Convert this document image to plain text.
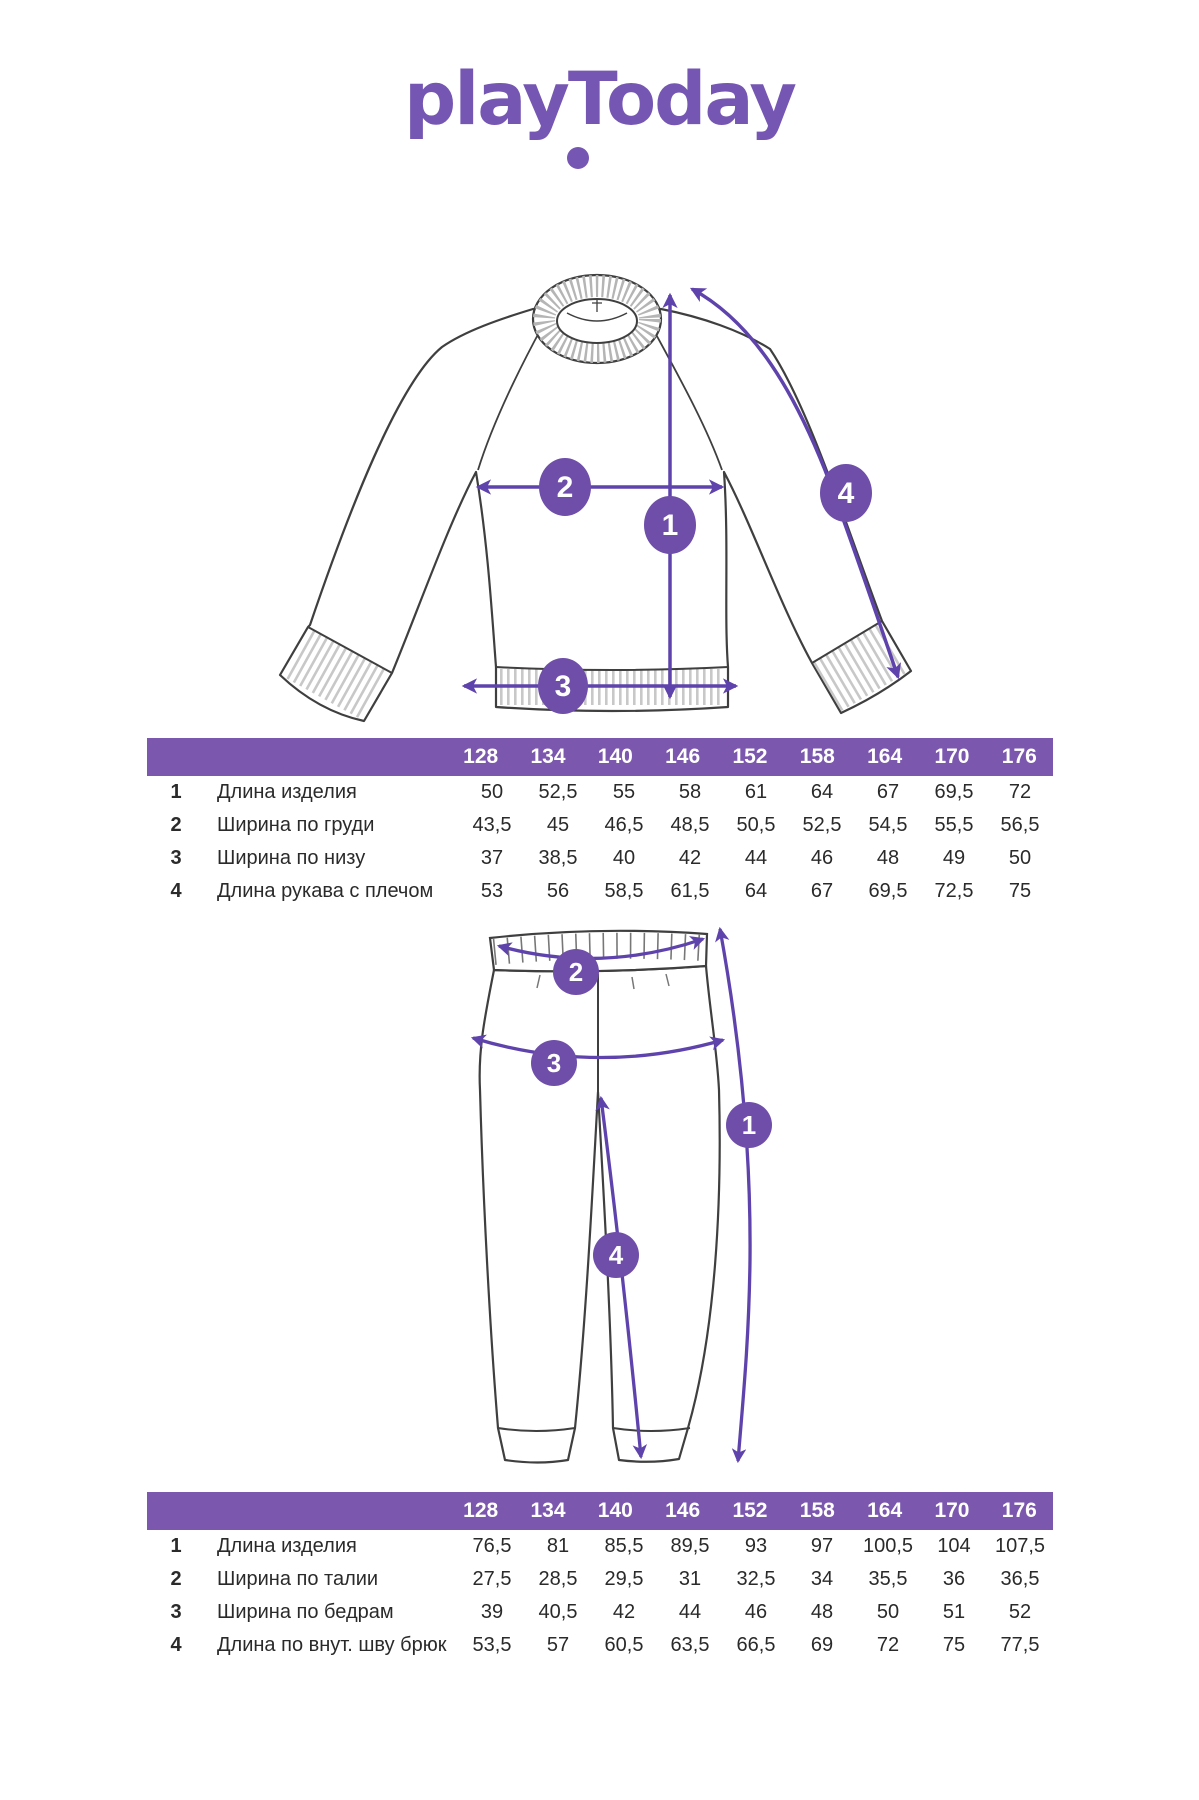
playToday
1
2
3
4
2
3
1
4
128	134	140	146	152	158	164	170	176
1	Длина изделия	50	52,5	55	58	61	64	67	69,5	72
2	Ширина по груди	43,5	45	46,5	48,5	50,5	52,5	54,5	55,5	56,5
3	Ширина по низу	37	38,5	40	42	44	46	48	49	50
4	Длина рукава с плечом	53	56	58,5	61,5	64	67	69,5	72,5	75
128	134	140	146	152	158	164	170	176
1	Длина изделия	76,5	81	85,5	89,5	93	97	100,5	104	107,5
2	Ширина по талии	27,5	28,5	29,5	31	32,5	34	35,5	36	36,5
3	Ширина по бедрам	39	40,5	42	44	46	48	50	51	52
4	Длина по внут. шву брюк	53,5	57	60,5	63,5	66,5	69	72	75	77,5
